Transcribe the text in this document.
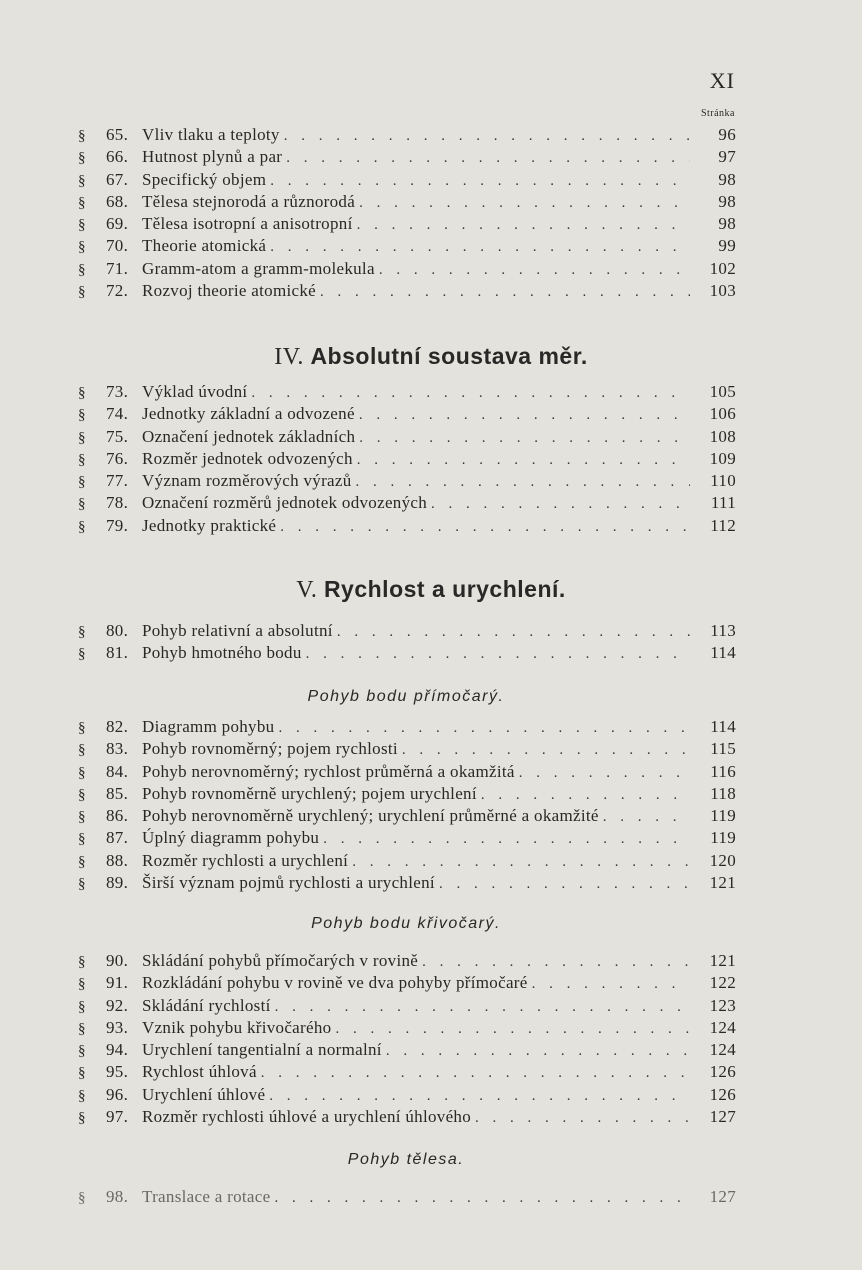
XI
Stránka
§	65. Vliv tlaku a teploty . . .	96
§	66. Hutnost plynů a par . . .	97
§	67. Specifický objem . . .	98
§	68. Tělesa stejnorodá a různorodá . . .	98
§	69. Tělesa isotropní a anisotropní . . .	98
§	70. Theorie atomická . . .	99
§	71. Gramm-atom a gramm-molekula . . .	102
§	72. Rozvoj theorie atomické . . .	103
IV. Absolutní soustava měr.
§	73. Výklad úvodní . . .	105
§	74. Jednotky základní a odvozené . . .	106
§	75. Označení jednotek základních . . .	108
§	76. Rozměr jednotek odvozených . . .	109
§	77. Význam rozměrových výrazů . . .	110
§	78. Označení rozměrů jednotek odvozených . . .	111
§	79. Jednotky praktické . . .	112
V. Rychlost a urychlení.
§	80. Pohyb relativní a absolutní . . .	113
§	81. Pohyb hmotného bodu . . .	114
Pohyb bodu přímočarý.
§	82. Diagramm pohybu . . .	114
§	83. Pohyb rovnoměrný; pojem rychlosti . . .	115
§	84. Pohyb nerovnoměrný; rychlost průměrná a okamžitá . . .	116
§	85. Pohyb rovnoměrně urychlený; pojem urychlení . . .	118
§	86. Pohyb nerovnoměrně urychlený; urychlení průměrné a okamžité . . .	119
§	87. Úplný diagramm pohybu . . .	119
§	88. Rozměr rychlosti a urychlení . . .	120
§	89. Širší význam pojmů rychlosti a urychlení . . .	121
Pohyb bodu křivočarý.
§	90. Skládání pohybů přímočarých v rovině . . .	121
§	91. Rozkládání pohybu v rovině ve dva pohyby přímočaré . . .	122
§	92. Skládání rychlostí . . .	123
§	93. Vznik pohybu křivočarého . . .	124
§	94. Urychlení tangentialní a normalní . . .	124
§	95. Rychlost úhlová . . .	126
§	96. Urychlení úhlové . . .	126
§	97. Rozměr rychlosti úhlové a urychlení úhlového . . .	127
Pohyb tělesa.
§	98. Translace a rotace . . .	127
